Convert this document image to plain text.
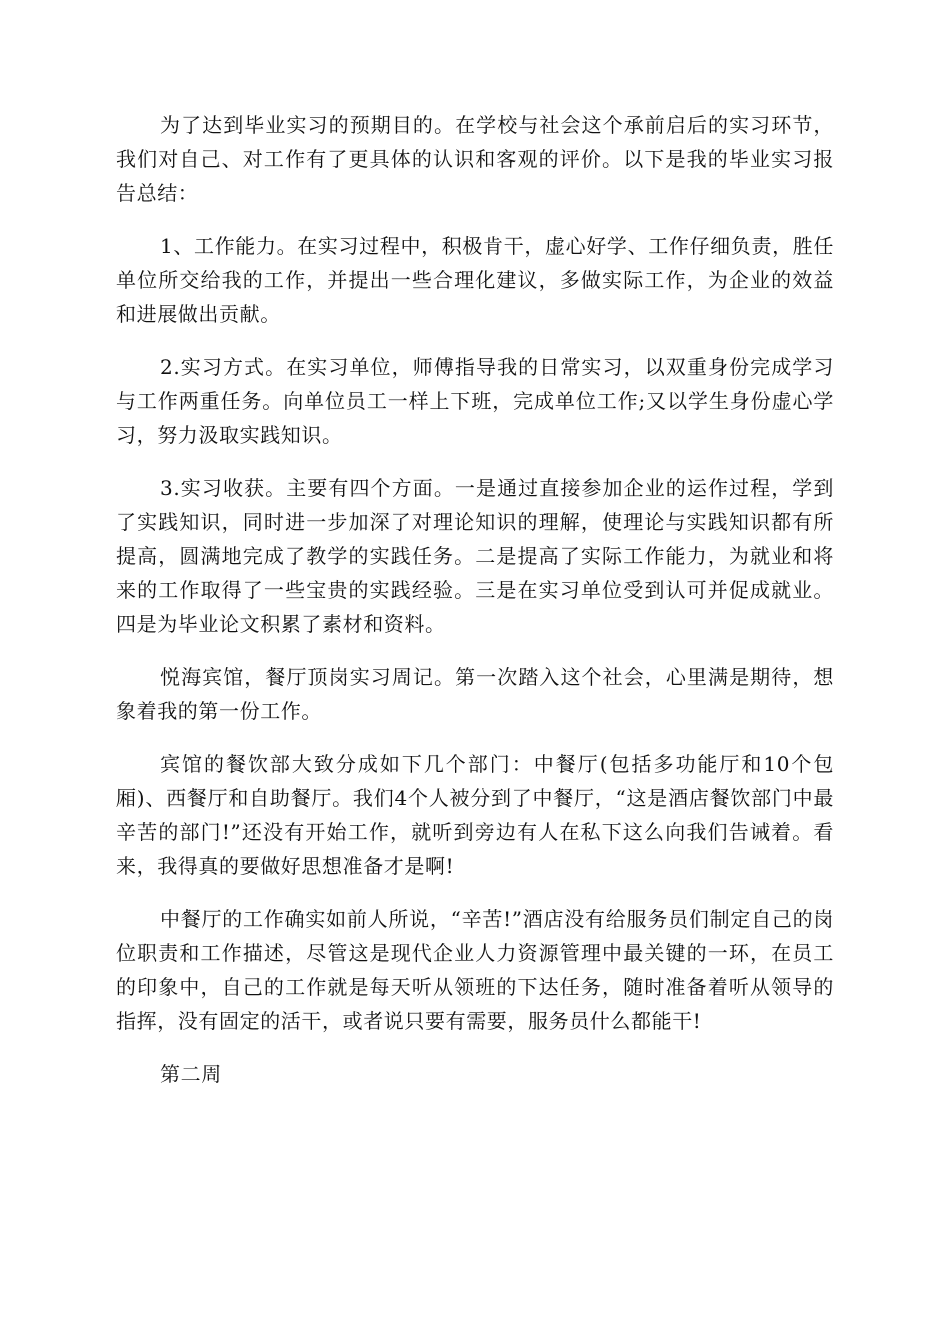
为了达到毕业实习的预期目的。在学校与社会这个承前启后的实习环节，我们对自己、对工作有了更具体的认识和客观的评价。以下是我的毕业实习报告总结：

1、工作能力。在实习过程中，积极肯干，虚心好学、工作仔细负责，胜任单位所交给我的工作，并提出一些合理化建议，多做实际工作，为企业的效益和进展做出贡献。

2.实习方式。在实习单位，师傅指导我的日常实习，以双重身份完成学习与工作两重任务。向单位员工一样上下班，完成单位工作;又以学生身份虚心学习，努力汲取实践知识。

3.实习收获。主要有四个方面。一是通过直接参加企业的运作过程，学到了实践知识，同时进一步加深了对理论知识的理解，使理论与实践知识都有所提高，圆满地完成了教学的实践任务。二是提高了实际工作能力，为就业和将来的工作取得了一些宝贵的实践经验。三是在实习单位受到认可并促成就业。四是为毕业论文积累了素材和资料。

悦海宾馆，餐厅顶岗实习周记。第一次踏入这个社会，心里满是期待，想象着我的第一份工作。

宾馆的餐饮部大致分成如下几个部门：中餐厅(包括多功能厅和10个包厢)、西餐厅和自助餐厅。我们4个人被分到了中餐厅，“这是酒店餐饮部门中最辛苦的部门!”还没有开始工作，就听到旁边有人在私下这么向我们告诫着。看来，我得真的要做好思想准备才是啊!

中餐厅的工作确实如前人所说，“辛苦!”酒店没有给服务员们制定自己的岗位职责和工作描述，尽管这是现代企业人力资源管理中最关键的一环，在员工的印象中，自己的工作就是每天听从领班的下达任务，随时准备着听从领导的指挥，没有固定的活干，或者说只要有需要，服务员什么都能干!

第二周
